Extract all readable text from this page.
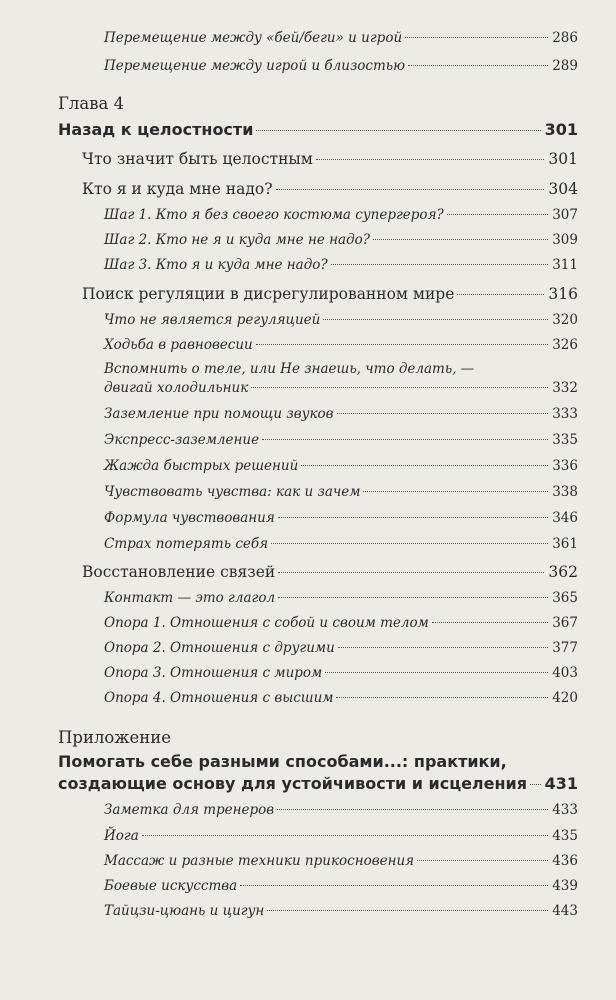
Перемещение между «бей/беги» и игрой	286
Перемещение между игрой и близостью	289
Глава 4
Назад к целостности	301
Что значит быть целостным	301
Кто я и куда мне надо?	304
Шаг 1. Кто я без своего костюма супергероя?	307
Шаг 2. Кто не я и куда мне не надо?	309
Шаг 3. Кто я и куда мне надо?	311
Поиск регуляции в дисрегулированном мире	316
Что не является регуляцией	320
Ходьба в равновесии	326
Вспомнить о теле, или Не знаешь, что делать, —
двигай холодильник	332
Заземление при помощи звуков	333
Экспресс-заземление	335
Жажда быстрых решений	336
Чувствовать чувства: как и зачем	338
Формула чувствования	346
Страх потерять себя	361
Восстановление связей	362
Контакт — это глагол	365
Опора 1. Отношения с собой и своим телом	367
Опора 2. Отношения с другими	377
Опора 3. Отношения с миром	403
Опора 4. Отношения с высшим	420
Приложение
Помогать себе разными способами...: практики,
создающие основу для устойчивости и исцеления 431
Заметка для тренеров	433
Йога	435
Массаж и разные техники прикосновения	436
Боевые искусства	439
Тайцзи-цюань и цигун	443
